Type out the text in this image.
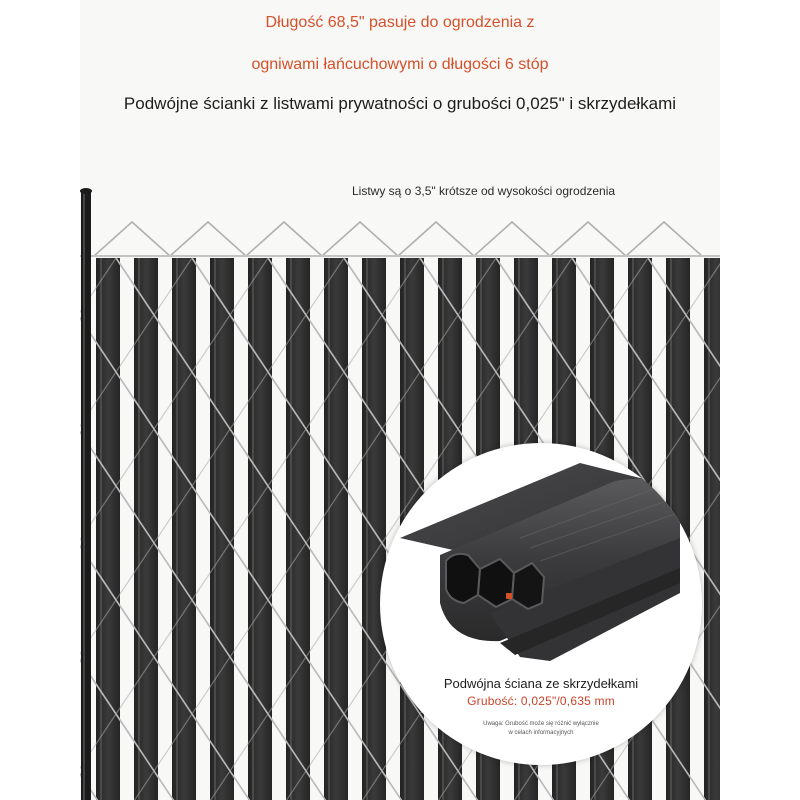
Długość 68,5" pasuje do ogrodzenia z
ogniwami łańcuchowymi o długości 6 stóp
Podwójne ścianki z listwami prywatności o grubości 0,025" i skrzydełkami
Listwy są o 3,5" krótsze od wysokości ogrodzenia
Podwójna ściana ze skrzydełkami
Grubość: 0,025"/0,635 mm
Uwaga: Grubość może się różnić wyłącznie
w celach informacyjnych
